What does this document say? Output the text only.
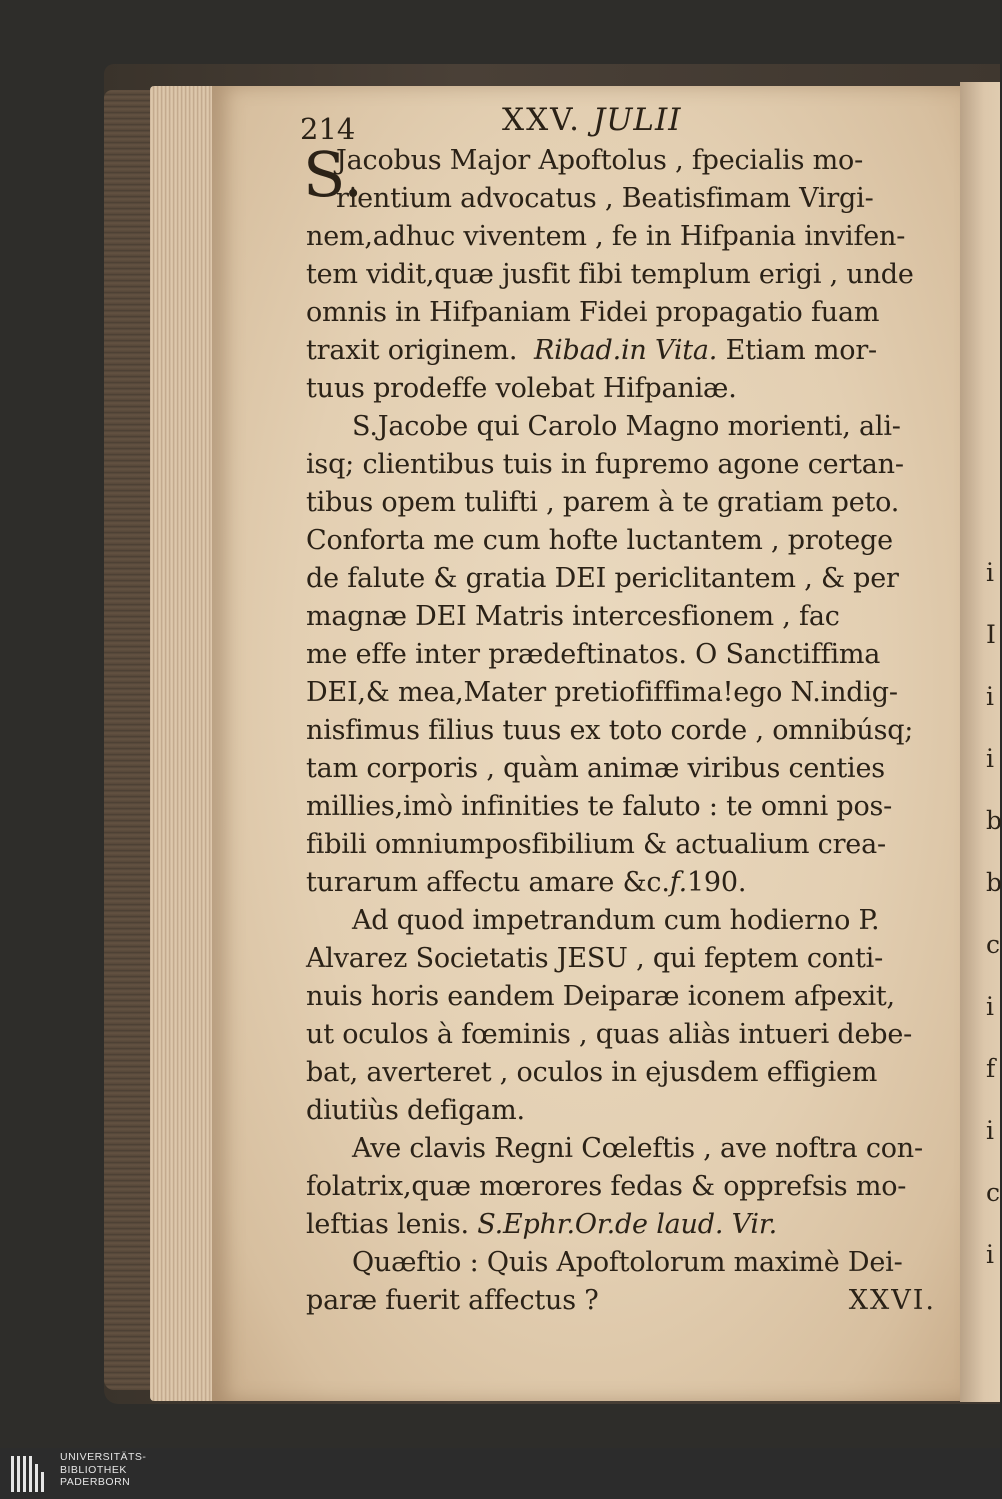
i
I
i
i
b
b
c
i
f
i
c
i
214	XXV. JULII
S.
Jacobus Major Apoftolus , fpecialis mo-
rientium advocatus , Beatisfimam Virgi-
nem,adhuc viventem , fe in Hifpania invifen-
tem vidit,quæ jusfit fibi templum erigi , unde
omnis in Hifpaniam Fidei propagatio fuam
traxit originem. Ribad.in Vita. Etiam mor-
tuus prodeffe volebat Hifpaniæ.
S.Jacobe qui Carolo Magno morienti, ali-
isq; clientibus tuis in fupremo agone certan-
tibus opem tulifti , parem à te gratiam peto.
Conforta me cum hofte luctantem , protege
de falute & gratia DEI periclitantem , & per
magnæ DEI Matris intercesfionem , fac
me effe inter prædeftinatos. O Sanctiffima
DEI,& mea,Mater pretiofiffima!ego N.indig-
nisfimus filius tuus ex toto corde , omnibúsq;
tam corporis , quàm animæ viribus centies
millies,imò infinities te faluto : te omni pos-
fibili omniumposfibilium & actualium crea-
turarum affectu amare &c.f.190.
Ad quod impetrandum cum hodierno P.
Alvarez Societatis JESU , qui feptem conti-
nuis horis eandem Deiparæ iconem afpexit,
ut oculos à fœminis , quas aliàs intueri debe-
bat, averteret , oculos in ejusdem effigiem
diutiùs defigam.
Ave clavis Regni Cœleftis , ave noftra con-
folatrix,quæ mœrores fedas & opprefsis mo-
leftias lenis. S.Ephr.Or.de laud. Vir.
Quæftio : Quis Apoftolorum maximè Dei-
paræ fuerit affectus ?	XXVI.
UNIVERSITÄTS-
BIBLIOTHEK
PADERBORN
